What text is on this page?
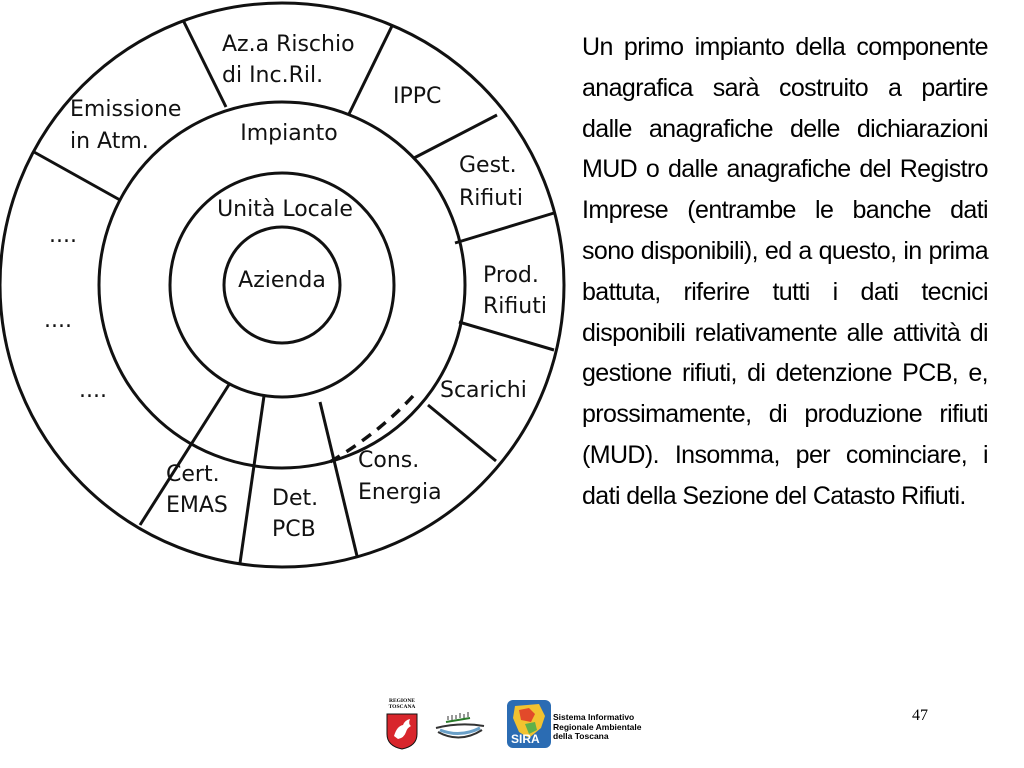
Azienda
Unità Locale
Impianto
Az.a Rischio
di Inc.Ril.
IPPC
Gest.
Rifiuti
Prod.
Rifiuti
Scarichi
Cons.
Energia
Det.
PCB
Cert.
EMAS
....
....
....
Emissione
in Atm.

Un primo impianto della componente anagrafica sarà costruito a partire dalle anagrafiche delle dichiarazioni MUD o dalle anagrafiche del Registro Imprese (entrambe le banche dati sono disponibili), ed a questo, in prima battuta, riferire tutti i dati tecnici disponibili relativamente alle attività di gestione rifiuti, di detenzione PCB, e, prossimamente, di produzione rifiuti (MUD). Insomma, per cominciare, i dati della Sezione del Catasto Rifiuti.

47
REGIONE
TOSCANA
SIRA
Sistema Informativo
Regionale Ambientale
della Toscana
